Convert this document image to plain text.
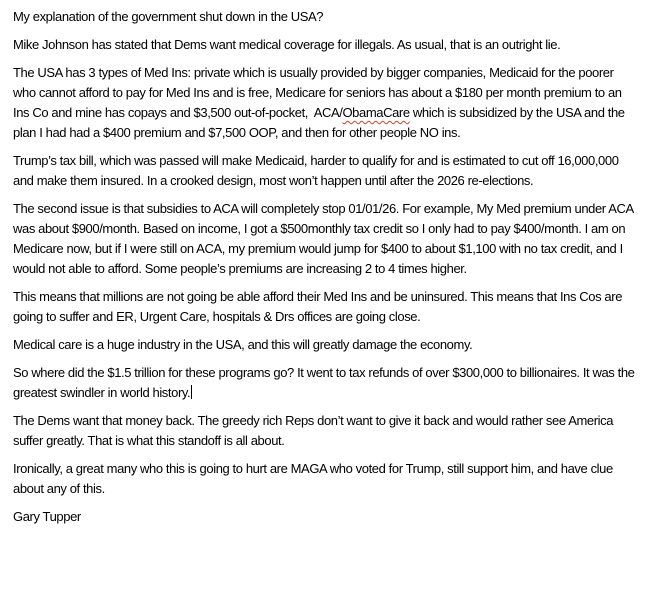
My explanation of the government shut down in the USA?

Mike Johnson has stated that Dems want medical coverage for illegals. As usual, that is an outright lie.

The USA has 3 types of Med Ins: private which is usually provided by bigger companies, Medicaid for the poorer who cannot afford to pay for Med Ins and is free, Medicare for seniors has about a $180 per month premium to an Ins Co and mine has copays and $3,500 out-of-pocket,  ACA/ObamaCare which is subsidized by the USA and the plan I had had a $400 premium and $7,500 OOP, and then for other people NO ins.

Trump’s tax bill, which was passed will make Medicaid, harder to qualify for and is estimated to cut off 16,000,000 and make them insured. In a crooked design, most won’t happen until after the 2026 re-elections.

The second issue is that subsidies to ACA will completely stop 01/01/26. For example, My Med premium under ACA was about $900/month. Based on income, I got a $500monthly tax credit so I only had to pay $400/month. I am on Medicare now, but if I were still on ACA, my premium would jump for $400 to about $1,100 with no tax credit, and I would not able to afford. Some people’s premiums are increasing 2 to 4 times higher.

This means that millions are not going be able afford their Med Ins and be uninsured. This means that Ins Cos are going to suffer and ER, Urgent Care, hospitals & Drs offices are going close.

Medical care is a huge industry in the USA, and this will greatly damage the economy.

So where did the $1.5 trillion for these programs go? It went to tax refunds of over $300,000 to billionaires. It was the greatest swindler in world history.

The Dems want that money back. The greedy rich Reps don’t want to give it back and would rather see America suffer greatly. That is what this standoff is all about.

Ironically, a great many who this is going to hurt are MAGA who voted for Trump, still support him, and have clue about any of this.

Gary Tupper
